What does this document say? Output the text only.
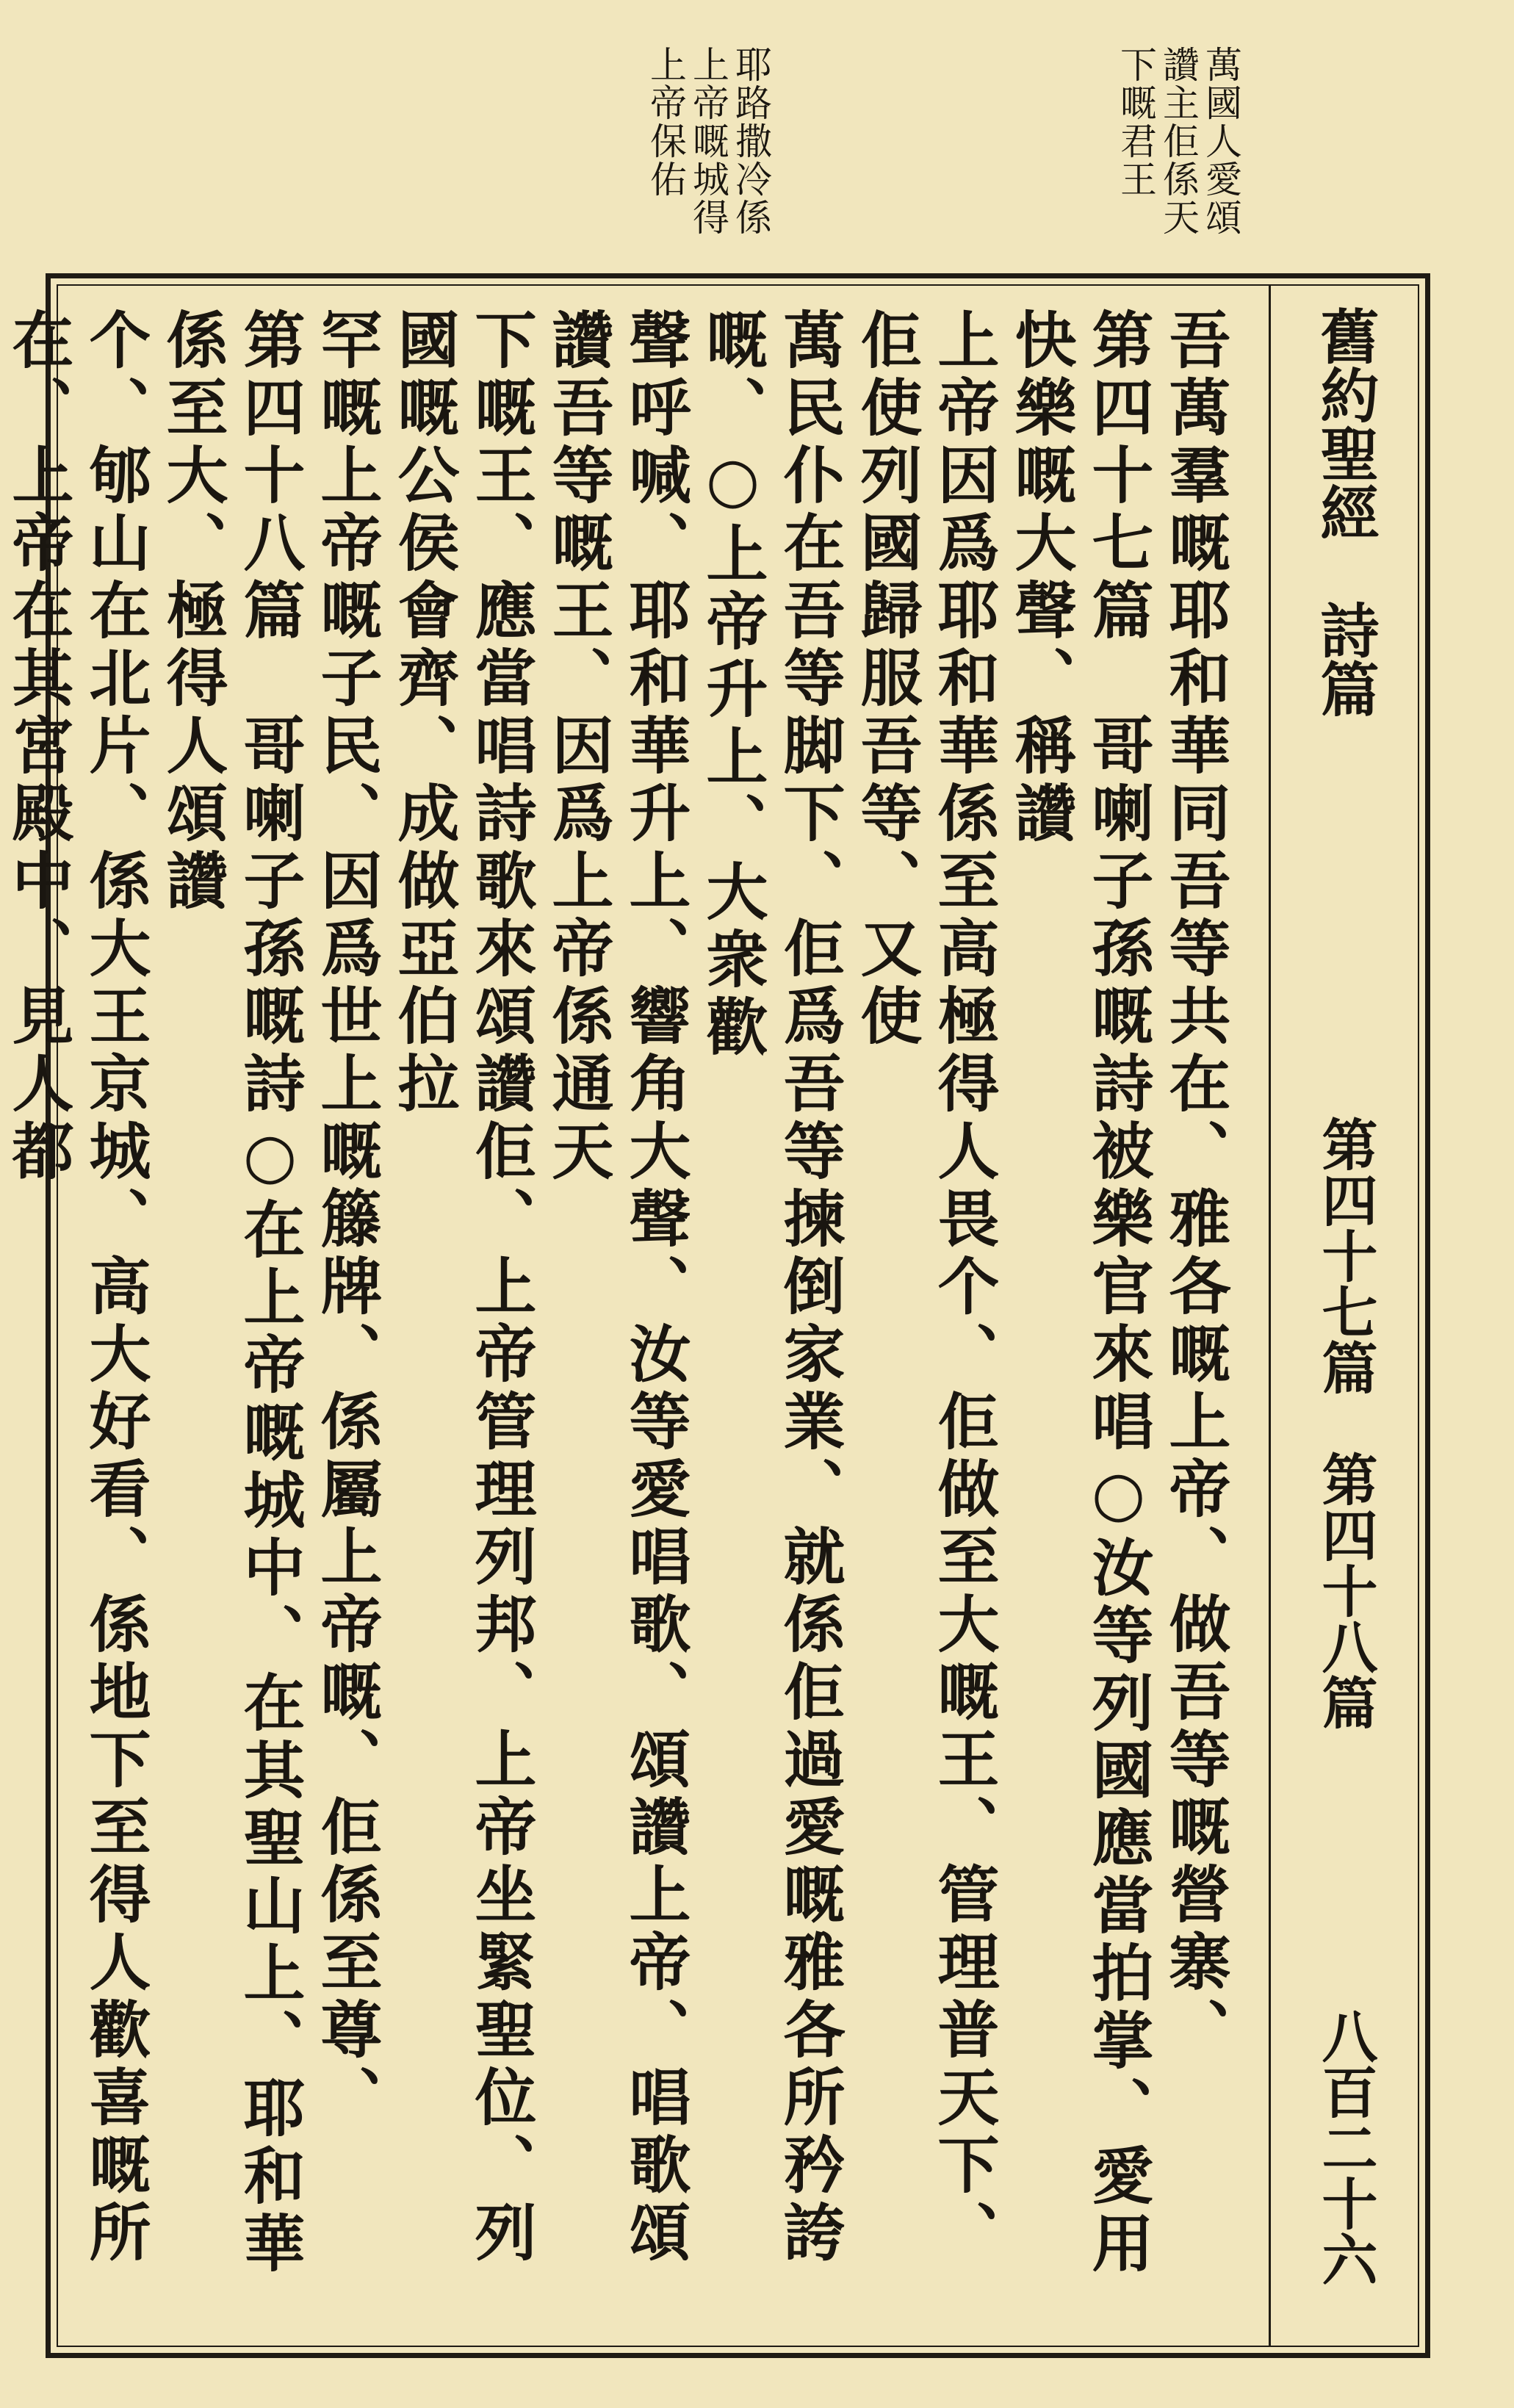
萬國人愛頌
讚主佢係天
下嘅君王
耶路撒冷係
上帝嘅城得
上帝保佑
舊約聖經　詩篇
第四十七篇　第四十八篇
八百二十六

吾萬羣嘅耶和華同吾等共在、雅各嘅上帝、做吾等嘅營寨、

第四十七篇　哥喇子孫嘅詩被樂官來唱○汝等列國應當拍掌、愛用快樂嘅大聲、稱讚

上帝因爲耶和華係至高極得人畏个、佢做至大嘅王、管理普天下、佢使列國歸服吾等、又使

萬民仆在吾等脚下、佢爲吾等揀倒家業、就係佢過愛嘅雅各所矜誇嘅、○上帝升上、大衆歡

聲呼喊、耶和華升上、響角大聲、汝等愛唱歌、頌讚上帝、唱歌頌讚吾等嘅王、因爲上帝係通天

下嘅王、應當唱詩歌來頌讚佢、上帝管理列邦、上帝坐緊聖位、列國嘅公侯會齊、成做亞伯拉

罕嘅上帝嘅子民、因爲世上嘅籐牌、係屬上帝嘅、佢係至尊、

第四十八篇　哥喇子孫嘅詩○在上帝嘅城中、在其聖山上、耶和華係至大、極得人頌讚

个、郇山在北片、係大王京城、高大好看、係地下至得人歡喜嘅所在、上帝在其宮殿中、見人都
